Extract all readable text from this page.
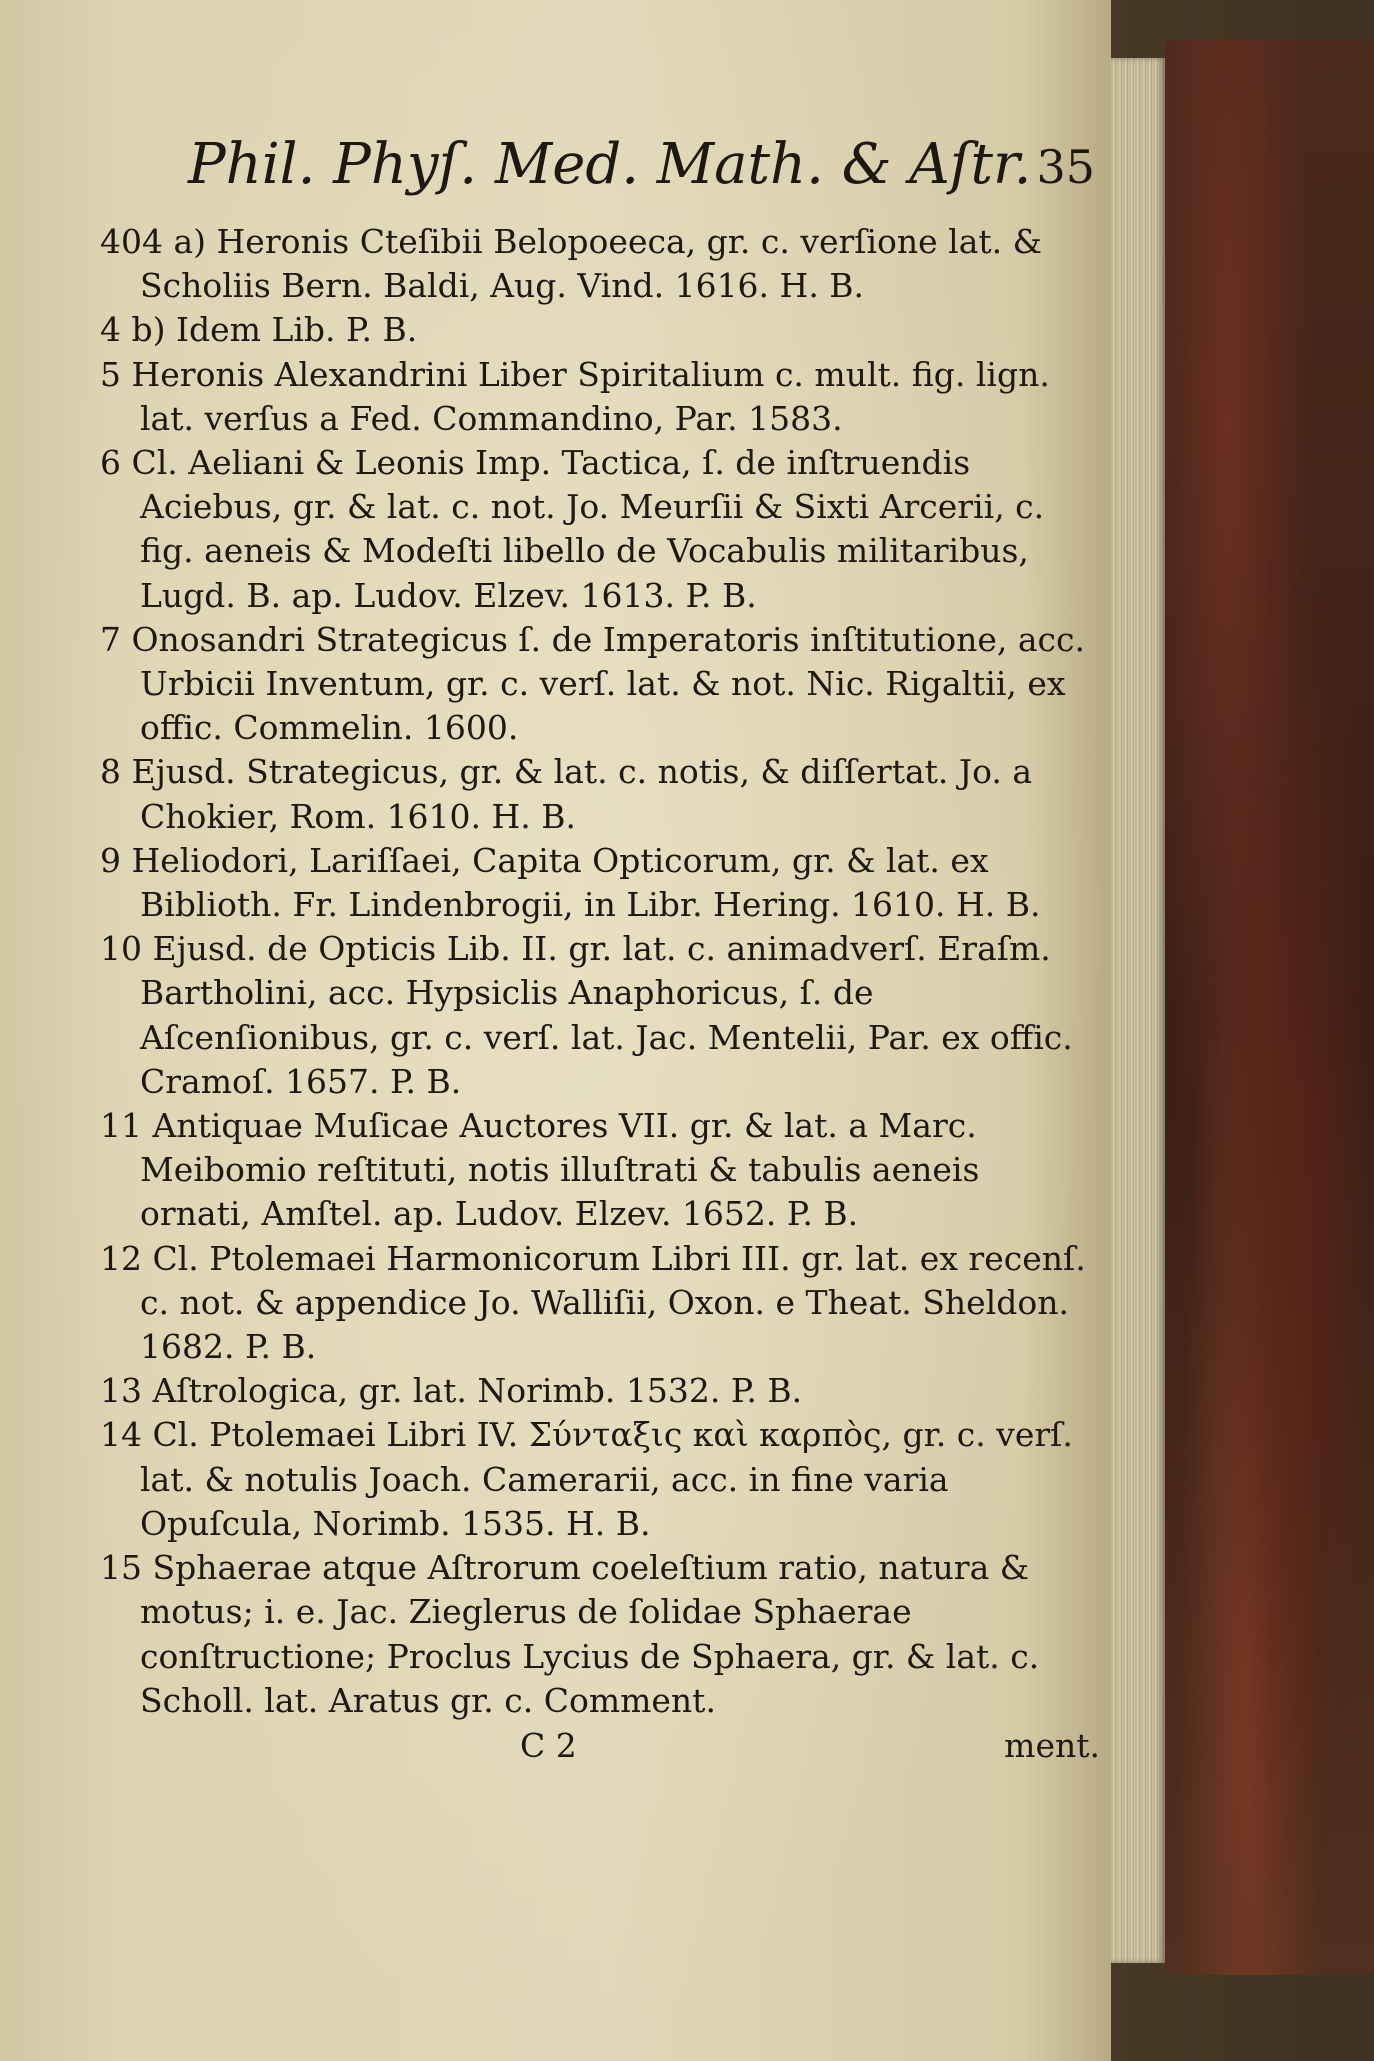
Phil. Phyſ. Med. Math. & Aſtr. 35

404 a) Heronis Cteſibii Belopoeeca, gr. c. verſione lat. & Scholiis Bern. Baldi, Aug. Vind. 1616. H. B.

4 b) Idem Lib. P. B.

5 Heronis Alexandrini Liber Spiritalium c. mult. fig. lign. lat. verſus a Fed. Commandino, Par. 1583.

6 Cl. Aeliani & Leonis Imp. Tactica, ſ. de inſtruendis Aciebus, gr. & lat. c. not. Jo. Meurſii & Sixti Arcerii, c. fig. aeneis & Modeſti libello de Vocabulis militaribus, Lugd. B. ap. Ludov. Elzev. 1613. P. B.

7 Onosandri Strategicus ſ. de Imperatoris inſtitutione, acc. Urbicii Inventum, gr. c. verſ. lat. & not. Nic. Rigaltii, ex offic. Commelin. 1600.

8 Ejusd. Strategicus, gr. & lat. c. notis, & diſſertat. Jo. a Chokier, Rom. 1610. H. B.

9 Heliodori, Lariſſaei, Capita Opticorum, gr. & lat. ex Biblioth. Fr. Lindenbrogii, in Libr. Hering. 1610. H. B.

10 Ejusd. de Opticis Lib. II. gr. lat. c. animadverſ. Eraſm. Bartholini, acc. Hypsiclis Anaphoricus, ſ. de Aſcenſionibus, gr. c. verſ. lat. Jac. Mentelii, Par. ex offic. Cramoſ. 1657. P. B.

11 Antiquae Muſicae Auctores VII. gr. & lat. a Marc. Meibomio reſtituti, notis illuſtrati & tabulis aeneis ornati, Amſtel. ap. Ludov. Elzev. 1652. P. B.

12 Cl. Ptolemaei Harmonicorum Libri III. gr. lat. ex recenſ. c. not. & appendice Jo. Walliſii, Oxon. e Theat. Sheldon. 1682. P. B.

13 Aſtrologica, gr. lat. Norimb. 1532. P. B.

14 Cl. Ptolemaei Libri IV. Σύνταξις καὶ καρπὸς, gr. c. verſ. lat. & notulis Joach. Camerarii, acc. in fine varia Opuſcula, Norimb. 1535. H. B.

15 Sphaerae atque Aſtrorum coeleſtium ratio, natura & motus; i. e. Jac. Zieglerus de ſolidae Sphaerae conſtructione; Proclus Lycius de Sphaera, gr. & lat. c. Scholl. lat. Aratus gr. c. Comment.

C 2	ment.
